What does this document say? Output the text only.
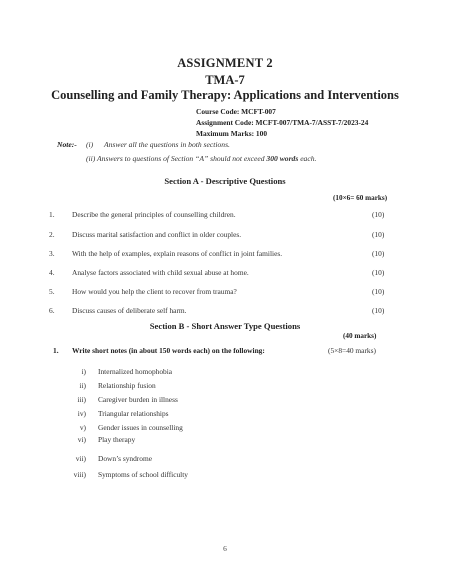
ASSIGNMENT 2
TMA-7
Counselling and Family Therapy: Applications and Interventions
Course Code: MCFT-007
Assignment Code: MCFT-007/TMA-7/ASST-7/2023-24
Maximum Marks: 100
Note:- (i) Answer all the questions in both sections.
(ii) Answers to questions of Section “A” should not exceed 300 words each.
Section A - Descriptive Questions
(10×6= 60 marks)
1. Describe the general principles of counselling children.	(10)
2. Discuss marital satisfaction and conflict in older couples.	(10)
3. With the help of examples, explain reasons of conflict in joint families.	(10)
4. Analyse factors associated with child sexual abuse at home.	(10)
5. How would you help the client to recover from trauma?	(10)
6. Discuss causes of deliberate self harm.	(10)
Section B - Short Answer Type Questions
(40 marks)
1. Write short notes (in about 150 words each) on the following:	(5×8=40 marks)
i) Internalized homophobia
ii) Relationship fusion
iii) Caregiver burden in illness
iv) Triangular relationships
v) Gender issues in counselling
vi) Play therapy
vii) Down’s syndrome
viii) Symptoms of school difficulty
6
